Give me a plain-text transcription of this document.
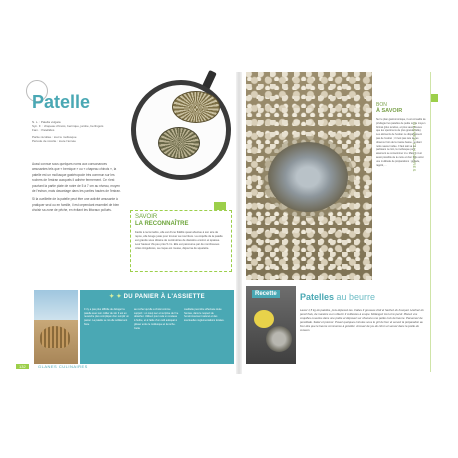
Patelle
N. L. : Patella vulgata
Syn. fr. : chapeau chinois, bernique, jambe, berlingots
Fam. : Patellidés
Partie récoltée : tout le mollusque
Période de récolte : toute l'année

Aussi connue sous quelques noms aux consonances amusantes tels que « bernique » ou « chapeau chinois », la patelle est un mollusque gastéropode très commun sur les rochers de l'estran auxquels il adhère fermement. Ce n'est pourtant la partie plate de notre de 5 à 7 cm au niveau, moyen de l'estran, mais davantage dans les parties hautes de l'estran.

Si la cueillette de la patelle peut être une activité amusante à pratiquer seul ou en famille, il est cependant essentiel de bien choisir sa zone de pêche, en évitant les littoraux pollués.

SAVOIR
LA RECONNAÎTRE
Facile à reconnaître, elle est d'une fidélité quasi absolue à son aire de repos, elle bouge juste pour trouver sa nourriture. La coquille de la patelle est grande sous dizaine de centimètres de diamètre environ et épaisse. Leur hauteur d'à peu près 5 cm. Elle est parcourue par de nombreuses côtes irrégulières, sa coque est rousse, déjourna de squelette.
✦ ✦ DU PANIER À L'ASSIETTE
Il n'y a pas plus difficile de déloger la patelle avec son collier de ski. Il est en revanche plus compliqué d'en remplir un panier. La patelle se roi elle solidement fixée
au rocher qu'elle a choisi comme support : un coup sec et surprise de l'ne détacher. Utilisez pour cela un couteau à huître, et à l'aide d'un outil adéquat à glisser entre le mollusque et la roche. Cette
cueillette peut être effectuée toute l'année, dans le respect de l'environnement naturel et des éventuelles réglementations locales.
132	GLANES CULINAIRES
BON
À SAVOIR
Sur le plan gastronomique, il est conseillé de privilégier les patelles de petite ou de moyen format (plus tendres, et plus savoureuses que les spécimens de plus grande taille). Les éléments de l'estran ne disparaissent pas de l'estran ; il n'est pas rare de les observer lors de la marée basse, rendant notre saveur iodée. Il faut sait sa les partisans ne loin, la mollusque peut aisément se consommer cru. Mais il n'est aussi possible de le cuire et d'en faire ainsi une multitude de préparations : grillade, ragoût, ...	GLANES CULINAIRES
Recette	Patelles au beurre
Lavez 1,5 kg de patelles, puis dépecez-les. Faites 3 gousses d'ail et hachez du bouquet. Hachez du persil frais, de manière à en obtenir 3 cuillerées à soupe. Mélangez tout et le persil. Placez vos coquilles ouvertes dans une poêle et déposez sur chacune une petite noix de beurre. Parsemez de persillade. Salez et poivrez. Posez quelques minutes sous le gril du four et servez la préparation au four dès que le beurre commence à grésiller. Arrosez de jus de citron et servez dans la poêle de cuisson.
